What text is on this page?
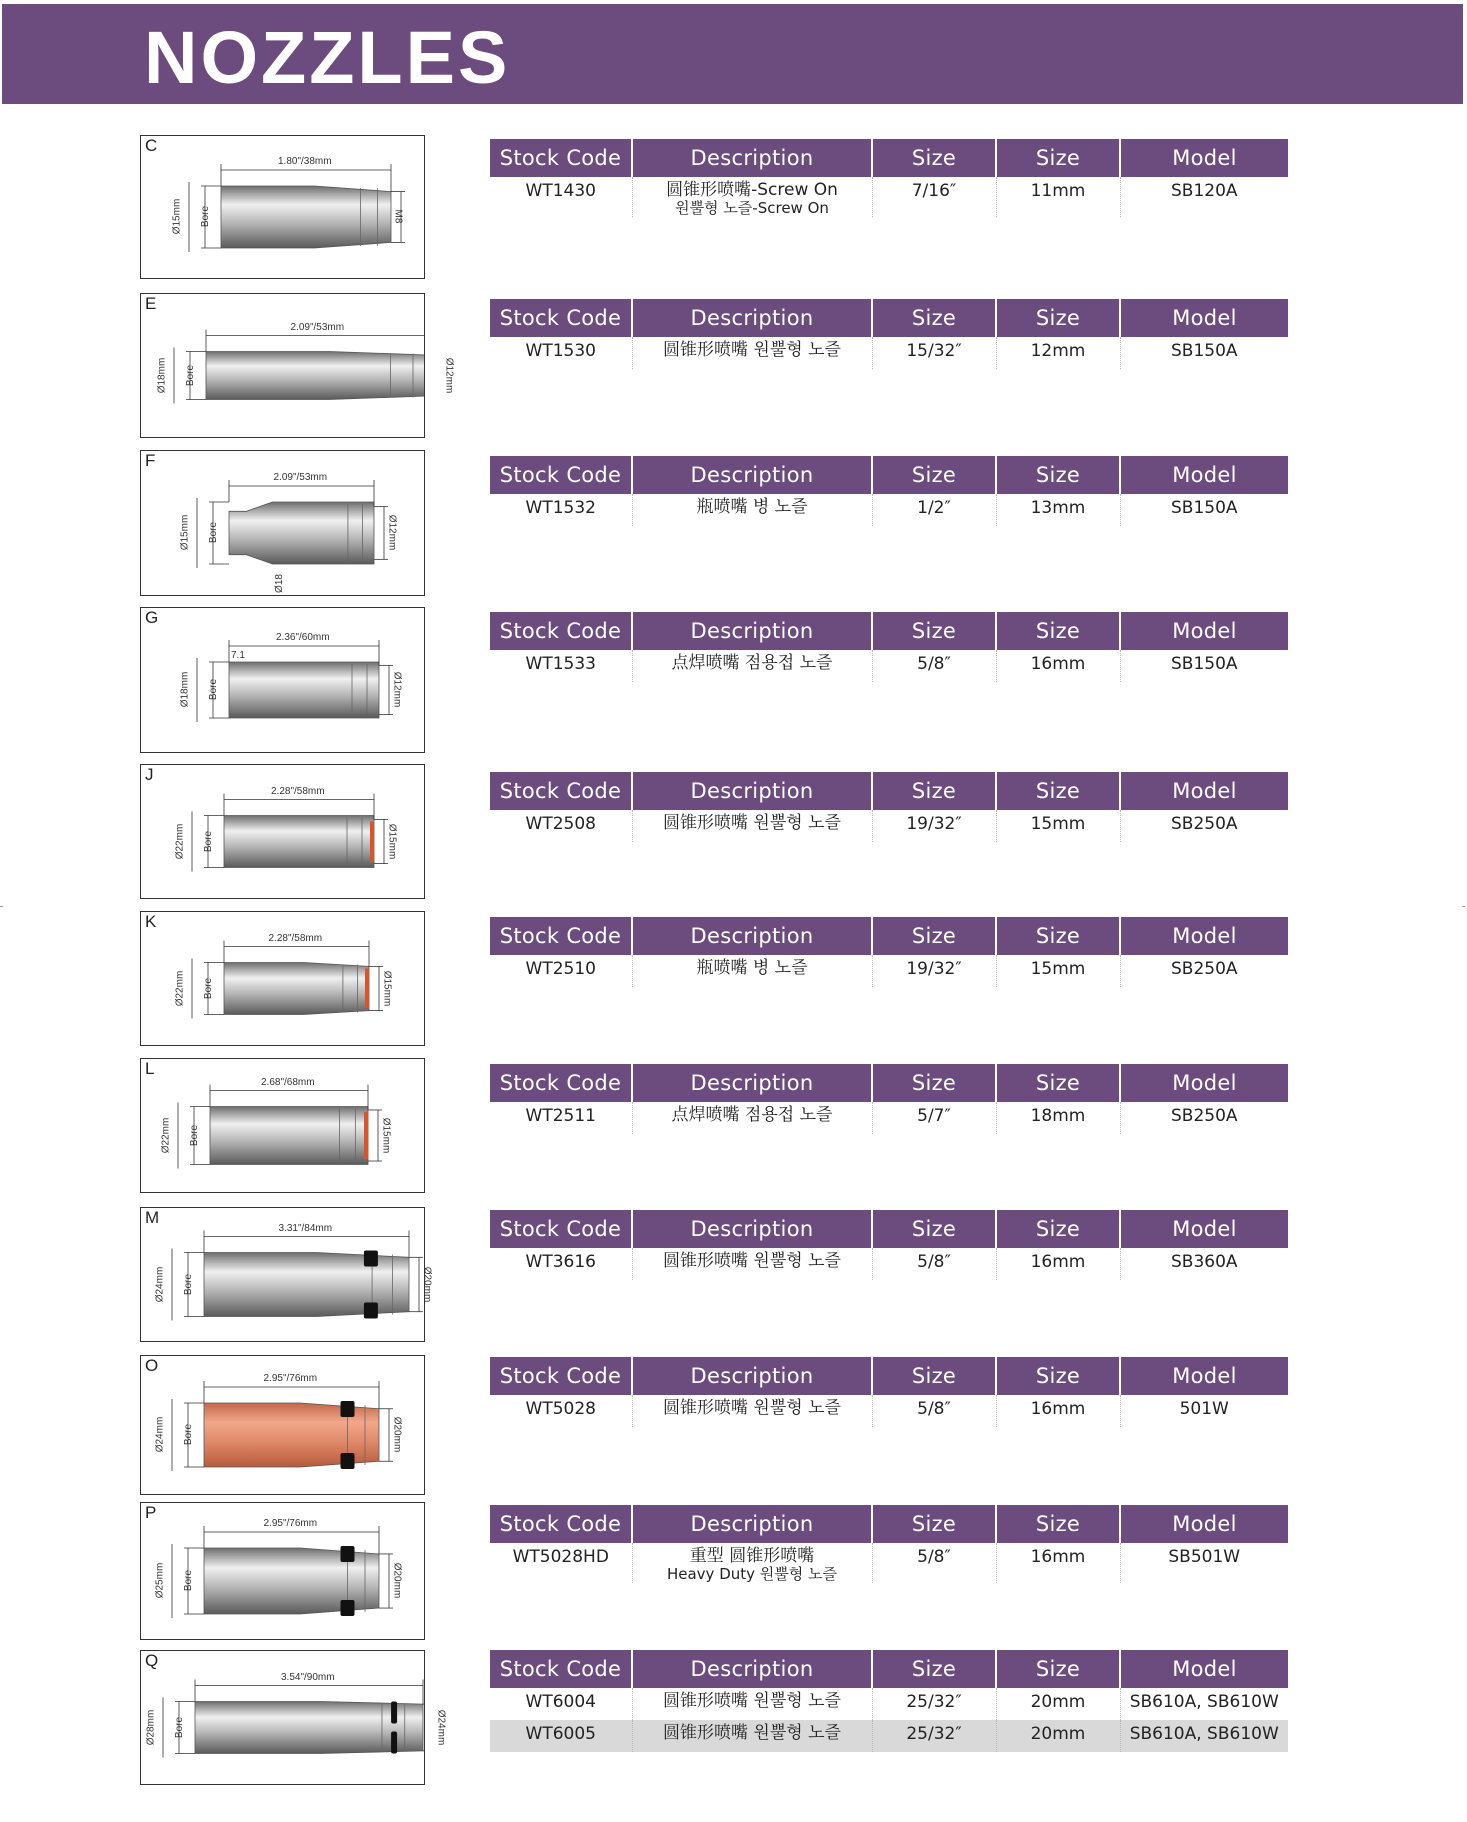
NOZZLES
C
1.80"/38mm
Ø15mm Bore	M8
Stock Code	Description	Size	Size	Model
WT1430	圆锥形喷嘴-Screw On
원뿔형 노즐-Screw On	7/16″	11mm	SB120A
E
2.09"/53mm
Ø18mm Bore	Ø12mm
Stock Code	Description	Size	Size	Model
WT1530	圆锥形喷嘴 원뿔형 노즐	15/32″	12mm	SB150A
F
2.09"/53mm
Ø15mm Bore	Ø12mm
Ø18
Stock Code	Description	Size	Size	Model
WT1532	瓶喷嘴 병 노즐	1/2″	13mm	SB150A
G
2.36"/60mm
Ø18mm Bore	Ø12mm
7.1
Stock Code	Description	Size	Size	Model
WT1533	点焊喷嘴 점용접 노즐	5/8″	16mm	SB150A
J
2.28"/58mm
Ø22mm Bore	Ø15mm
Stock Code	Description	Size	Size	Model
WT2508	圆锥形喷嘴 원뿔형 노즐	19/32″	15mm	SB250A
K
2.28"/58mm
Ø22mm Bore	Ø15mm
Stock Code	Description	Size	Size	Model
WT2510	瓶喷嘴 병 노즐	19/32″	15mm	SB250A
L
2.68"/68mm
Ø22mm Bore	Ø15mm
Stock Code	Description	Size	Size	Model
WT2511	点焊喷嘴 점용접 노즐	5/7″	18mm	SB250A
M
3.31"/84mm
Ø24mm Bore	Ø20mm
Stock Code	Description	Size	Size	Model
WT3616	圆锥形喷嘴 원뿔형 노즐	5/8″	16mm	SB360A
O
2.95"/76mm
Ø24mm Bore	Ø20mm
Stock Code	Description	Size	Size	Model
WT5028	圆锥形喷嘴 원뿔형 노즐	5/8″	16mm	501W
P
2.95"/76mm
Ø25mm Bore	Ø20mm
Stock Code	Description	Size	Size	Model
WT5028HD	重型 圆锥形喷嘴
Heavy Duty 원뿔형 노즐	5/8″	16mm	SB501W
Q
3.54"/90mm
Ø28mm Bore	Ø24mm
Stock Code	Description	Size	Size	Model
WT6004	圆锥形喷嘴 원뿔형 노즐	25/32″	20mm	SB610A, SB610W
WT6005	圆锥形喷嘴 원뿔형 노즐	25/32″	20mm	SB610A, SB610W
